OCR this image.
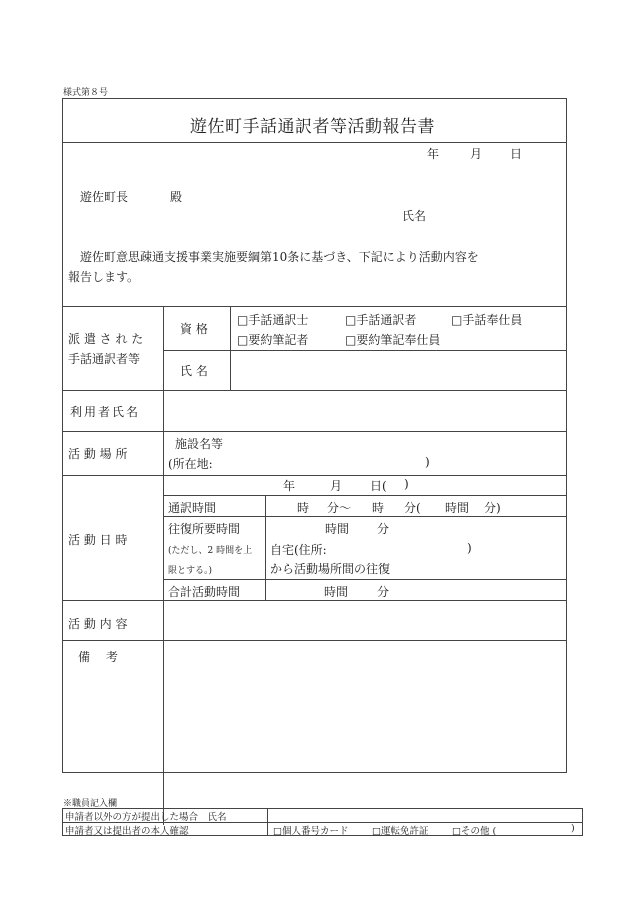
様式第８号
遊佐町手話通訳者等活動報告書
年	月 日
遊佐町長	殿
氏名
遊佐町意思疎通支援事業実施要綱第10条に基づき、下記により活動内容を
報告します。
派 遣 さ れ た
手話通訳者等
資 格
□手話通訳士	□手話通訳者	□手話奉仕員
□要約筆記者	□要約筆記奉仕員
氏 名
利用者氏名
活 動 場 所
施設名等
(所在地:	)
活 動 日 時
年	月 日( )
通訳時間	時 分～ 時 分( 時間 分)
往復所要時間	時間 分
(ただし、2 時間を上
限とする。)
自宅(住所:	)
から活動場所間の往復
合計活動時間	時間 分
活 動 内 容
備 考
※職員記入欄
申請者以外の方が提出した場合　氏名
申請者又は提出者の本人確認	□個人番号カード □運転免許証 □その他 (	)
